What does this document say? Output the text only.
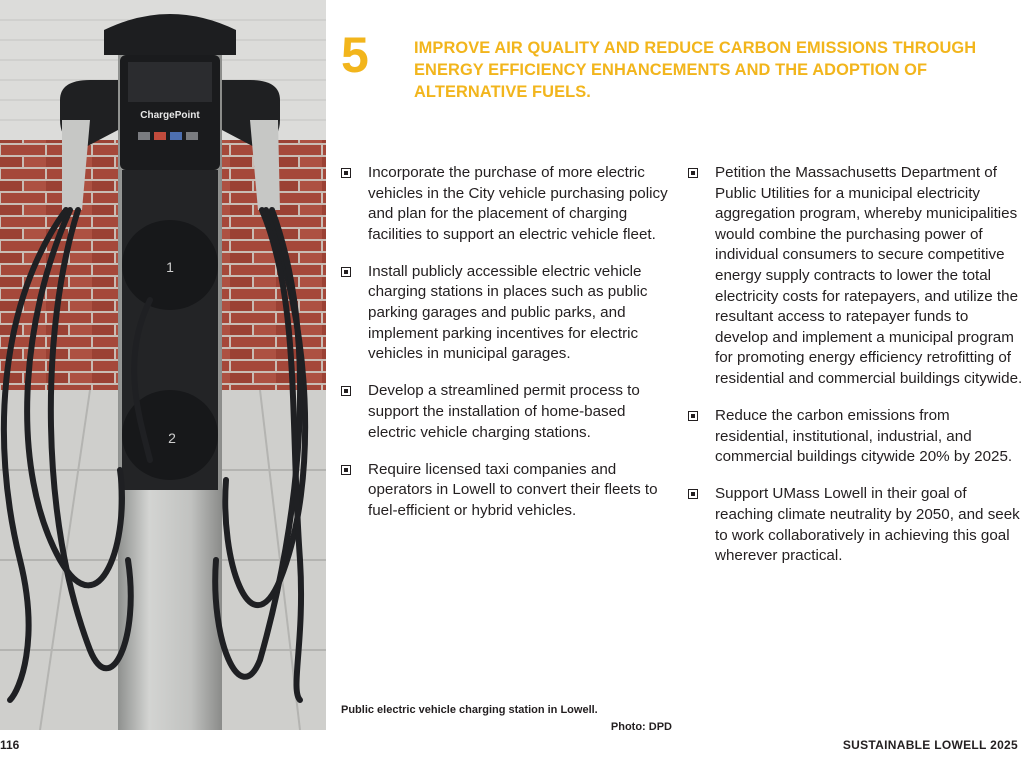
ChargePoint
1
2
5	IMPROVE AIR QUALITY AND REDUCE CARBON EMISSIONS THROUGH ENERGY EFFICIENCY ENHANCEMENTS AND THE ADOPTION OF ALTERNATIVE FUELS.
Incorporate the purchase of more electric vehicles in the City vehicle purchasing policy and plan for the placement of charging facilities to support an electric vehicle fleet.
Install publicly accessible electric vehicle charging stations in places such as public parking garages and public parks, and implement parking incentives for electric vehicles in municipal garages.
Develop a streamlined permit process to support the installation of home-based electric vehicle charging stations.
Require licensed taxi companies and operators in Lowell to convert their fleets to fuel-efficient or hybrid vehicles.
Petition the Massachusetts Department of Public Utilities for a municipal electricity aggregation program, whereby municipalities would combine the purchasing power of individual consumers to secure competitive energy supply contracts to lower the total electricity costs for ratepayers, and utilize the resultant access to ratepayer funds to develop and implement a municipal program for promoting energy efficiency retrofitting of residential and commercial buildings citywide.
Reduce the carbon emissions from residential, institutional, industrial, and commercial buildings citywide 20% by 2025.
Support UMass Lowell in their goal of reaching climate neutrality by 2050, and seek to work collaboratively in achieving this goal wherever practical.
Public electric vehicle charging station in Lowell.
Photo: DPD
116	SUSTAINABLE LOWELL 2025
